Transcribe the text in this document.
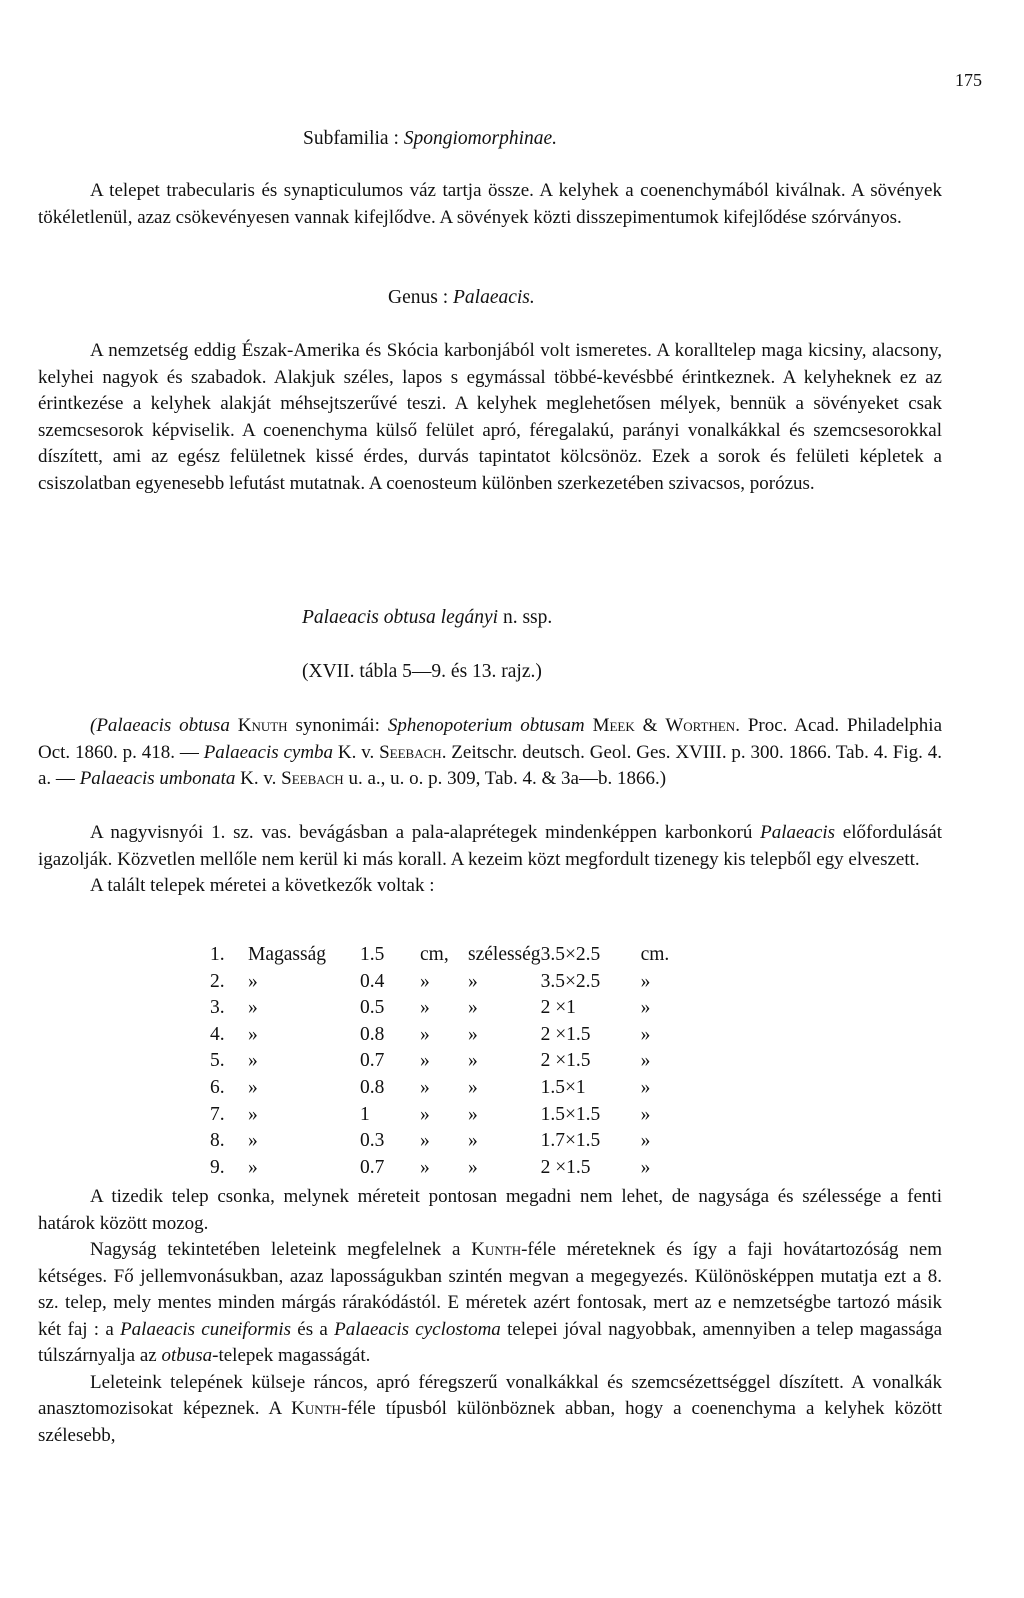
175
Subfamilia : Spongiomorphinae.

A telepet trabecularis és synapticulumos váz tartja össze. A kelyhek a coenenchymából kiválnak. A sövények tökéletlenül, azaz csökevényesen vannak kifejlődve. A sövények közti disszepimentumok kifejlődése szórványos.

Genus : Palaeacis.

A nemzetség eddig Észak-Amerika és Skócia karbonjából volt ismeretes. A koralltelep maga kicsiny, alacsony, kelyhei nagyok és szabadok. Alakjuk széles, lapos s egymással többé-kevésbbé érintkeznek. A kelyheknek ez az érintkezése a kelyhek alakját méhsejtszerűvé teszi. A kelyhek meglehetősen mélyek, bennük a sövényeket csak szemcsesorok képviselik. A coenenchyma külső felület apró, féregalakú, parányi vonalkákkal és szemcsesorokkal díszített, ami az egész felületnek kissé érdes, durvás tapintatot kölcsönöz. Ezek a sorok és felületi képletek a csiszolatban egyenesebb lefutást mutatnak. A coenosteum különben szerkezetében szivacsos, porózus.

Palaeacis obtusa legányi n. ssp.
(XVII. tábla 5—9. és 13. rajz.)

(Palaeacis obtusa Knuth synonimái: Sphenopoterium obtusam Meek & Worthen. Proc. Acad. Philadelphia Oct. 1860. p. 418. — Palaeacis cymba K. v. Seebach. Zeitschr. deutsch. Geol. Ges. XVIII. p. 300. 1866. Tab. 4. Fig. 4. a. — Palaeacis umbonata K. v. Seebach u. a., u. o. p. 309, Tab. 4. & 3a—b. 1866.)

A nagyvisnyói 1. sz. vas. bevágásban a pala-alaprétegek mindenképpen karbonkorú Palaeacis előfordulását igazolják. Közvetlen mellőle nem kerül ki más korall. A kezeim közt megfordult tizenegy kis telepből egy elveszett.

A talált telepek méretei a következők voltak :

1.	Magasság	1.5	cm,	szélesség	3.5×2.5	cm.
2.	»	0.4	»	»	3.5×2.5	»
3.	»	0.5	»	»	2 ×1	»
4.	»	0.8	»	»	2 ×1.5	»
5.	»	0.7	»	»	2 ×1.5	»
6.	»	0.8	»	»	1.5×1	»
7.	»	1	»	»	1.5×1.5	»
8.	»	0.3	»	»	1.7×1.5	»
9.	»	0.7	»	»	2 ×1.5	»

A tizedik telep csonka, melynek méreteit pontosan megadni nem lehet, de nagysága és szélessége a fenti határok között mozog.

Nagyság tekintetében leleteink megfelelnek a Kunth-féle méreteknek és így a faji hovátartozóság nem kétséges. Fő jellemvonásukban, azaz laposságukban szintén megvan a megegyezés. Különösképpen mutatja ezt a 8. sz. telep, mely mentes minden márgás rárakódástól. E méretek azért fontosak, mert az e nemzetségbe tartozó másik két faj : a Palaeacis cuneiformis és a Palaeacis cyclostoma telepei jóval nagyobbak, amennyiben a telep magassága túlszárnyalja az otbusa-telepek magasságát.

Leleteink telepének külseje ráncos, apró féregszerű vonalkákkal és szemcsézettséggel díszített. A vonalkák anasztomozisokat képeznek. A Kunth-féle típusból különböznek abban, hogy a coenenchyma a kelyhek között szélesebb,
